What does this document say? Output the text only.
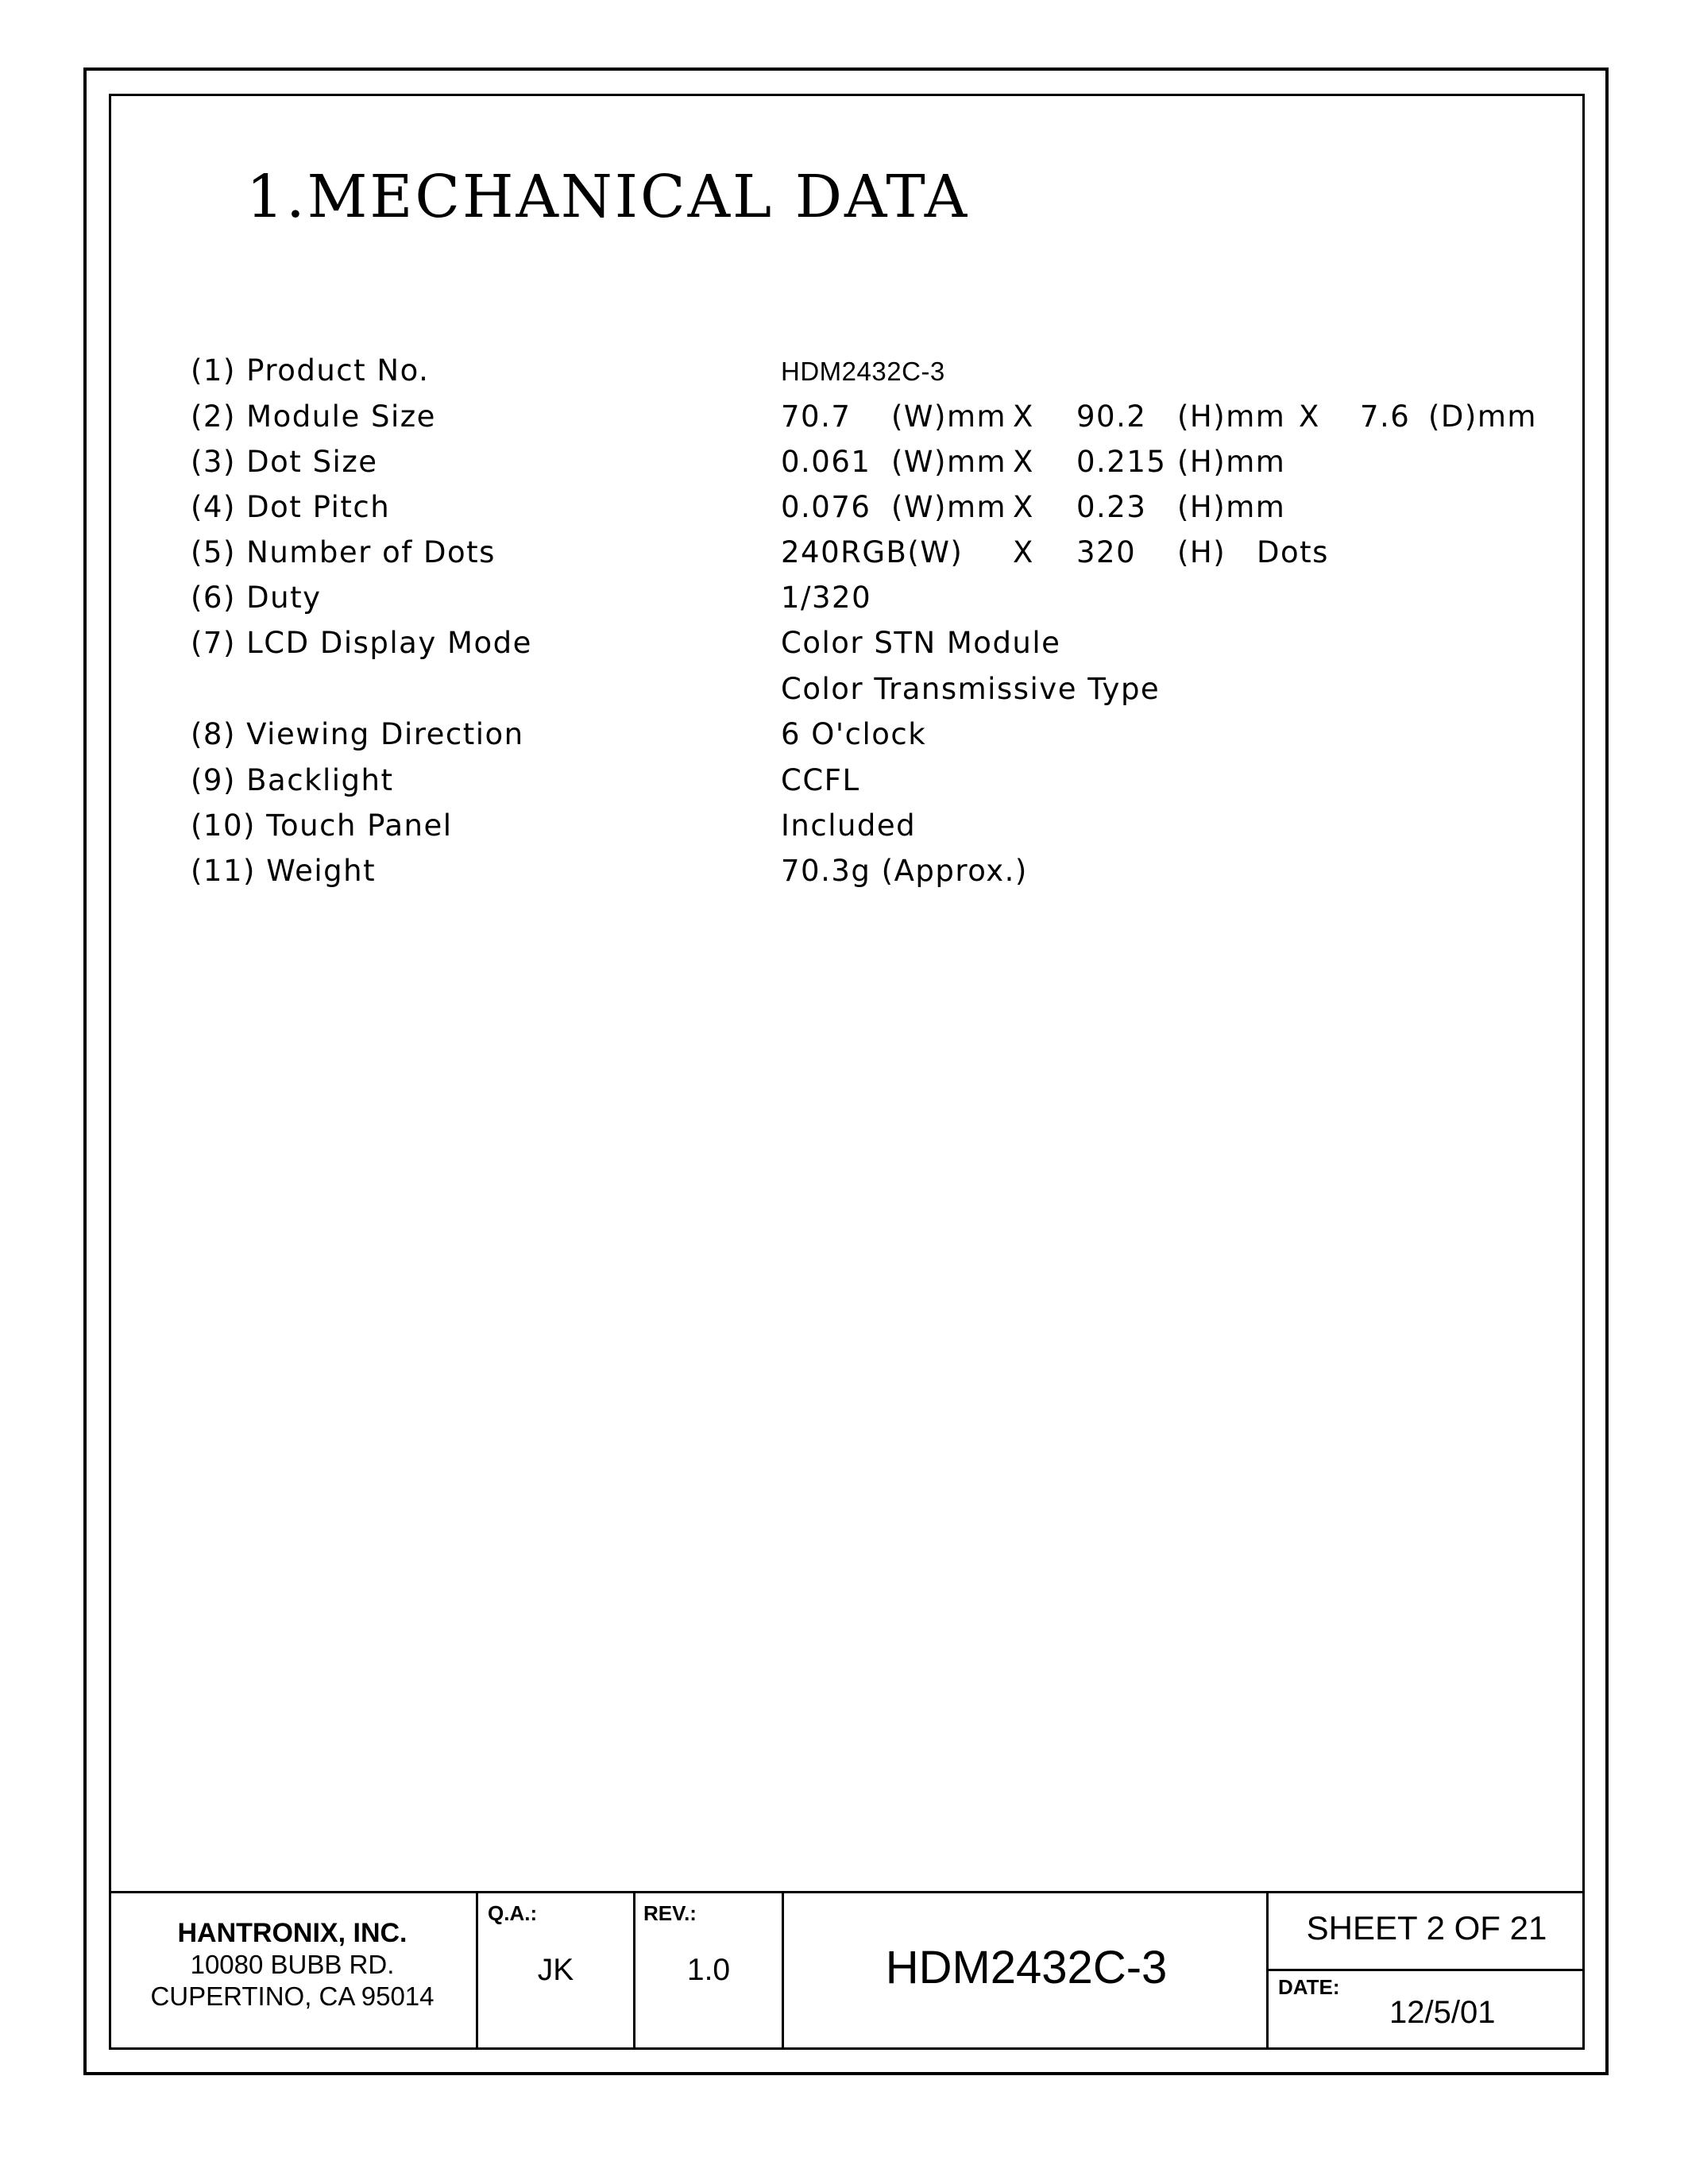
1.MECHANICAL DATA
(1) Product No.	HDM2432C-3
(2) Module Size	70.7 (W)mm X 90.2 (H)mm X 7.6 (D)mm
(3) Dot Size	0.061 (W)mm X 0.215 (H)mm
(4) Dot Pitch	0.076 (W)mm X 0.23 (H)mm
(5) Number of Dots	240RGB(W) X 320 (H) Dots
(6) Duty	1/320
(7) LCD Display Mode	Color STN Module
Color Transmissive Type
(8) Viewing Direction	6 O'clock
(9) Backlight	CCFL
(10) Touch Panel	Included
(11) Weight	70.3g (Approx.)
HANTRONIX, INC.
10080 BUBB RD.
CUPERTINO, CA 95014
Q.A.:
JK
REV.:
1.0	HDM2432C-3
SHEET 2 OF 21
DATE:
12/5/01
